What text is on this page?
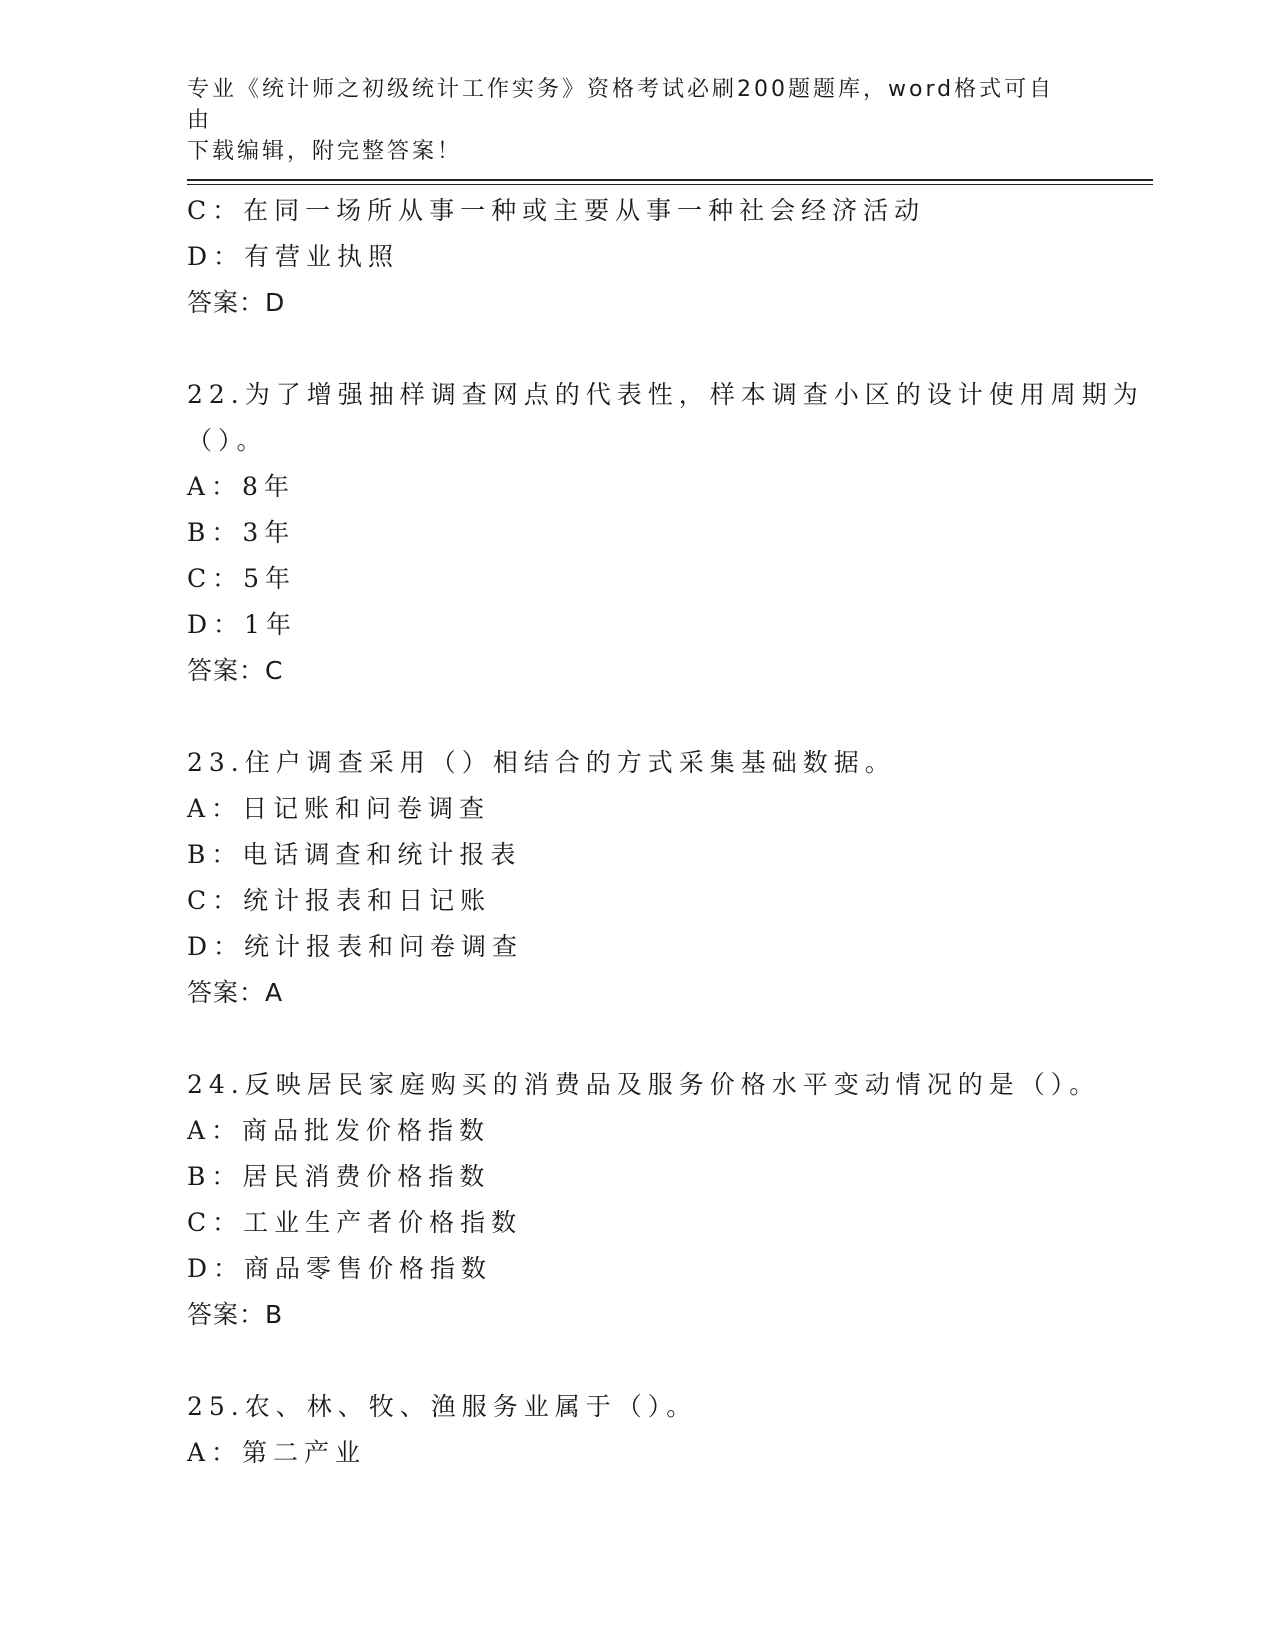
专业《统计师之初级统计工作实务》资格考试必刷200题题库，word格式可自由
下载编辑，附完整答案！
C：在同一场所从事一种或主要从事一种社会经济活动
D：有营业执照
答案：D
22.为了增强抽样调查网点的代表性，样本调查小区的设计使用周期为
（）。
A：8年
B：3年
C：5年
D：1年
答案：C
23.住户调查采用（）相结合的方式采集基础数据。
A：日记账和问卷调查
B：电话调查和统计报表
C：统计报表和日记账
D：统计报表和问卷调查
答案：A
24.反映居民家庭购买的消费品及服务价格水平变动情况的是（）。
A：商品批发价格指数
B：居民消费价格指数
C：工业生产者价格指数
D：商品零售价格指数
答案：B
25.农、林、牧、渔服务业属于（）。
A：第二产业
